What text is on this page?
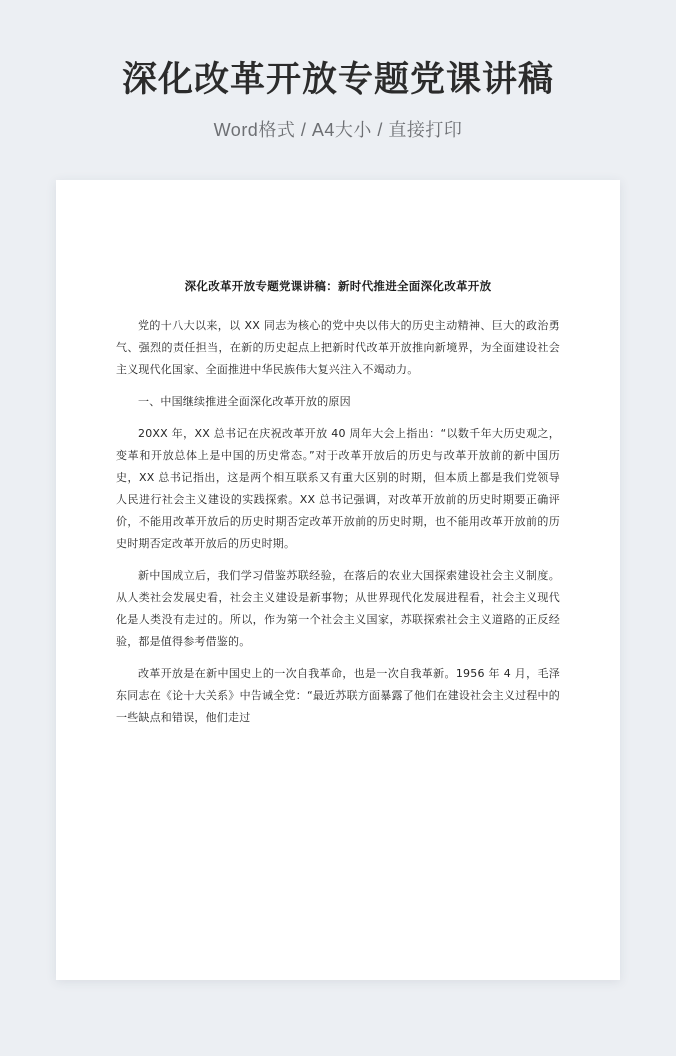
深化改革开放专题党课讲稿
Word格式 / A4大小 / 直接打印
深化改革开放专题党课讲稿：新时代推进全面深化改革开放

党的十八大以来，以 XX 同志为核心的党中央以伟大的历史主动精神、巨大的政治勇气、强烈的责任担当，在新的历史起点上把新时代改革开放推向新境界，为全面建设社会主义现代化国家、全面推进中华民族伟大复兴注入不竭动力。

一、中国继续推进全面深化改革开放的原因

20XX 年，XX 总书记在庆祝改革开放 40 周年大会上指出：“以数千年大历史观之，变革和开放总体上是中国的历史常态。”对于改革开放后的历史与改革开放前的新中国历史，XX 总书记指出，这是两个相互联系又有重大区别的时期，但本质上都是我们党领导人民进行社会主义建设的实践探索。XX 总书记强调，对改革开放前的历史时期要正确评价，不能用改革开放后的历史时期否定改革开放前的历史时期，也不能用改革开放前的历史时期否定改革开放后的历史时期。

新中国成立后，我们学习借鉴苏联经验，在落后的农业大国探索建设社会主义制度。从人类社会发展史看，社会主义建设是新事物；从世界现代化发展进程看，社会主义现代化是人类没有走过的。所以，作为第一个社会主义国家，苏联探索社会主义道路的正反经验，都是值得参考借鉴的。

改革开放是在新中国史上的一次自我革命，也是一次自我革新。1956 年 4 月，毛泽东同志在《论十大关系》中告诫全党：“最近苏联方面暴露了他们在建设社会主义过程中的一些缺点和错误，他们走过
